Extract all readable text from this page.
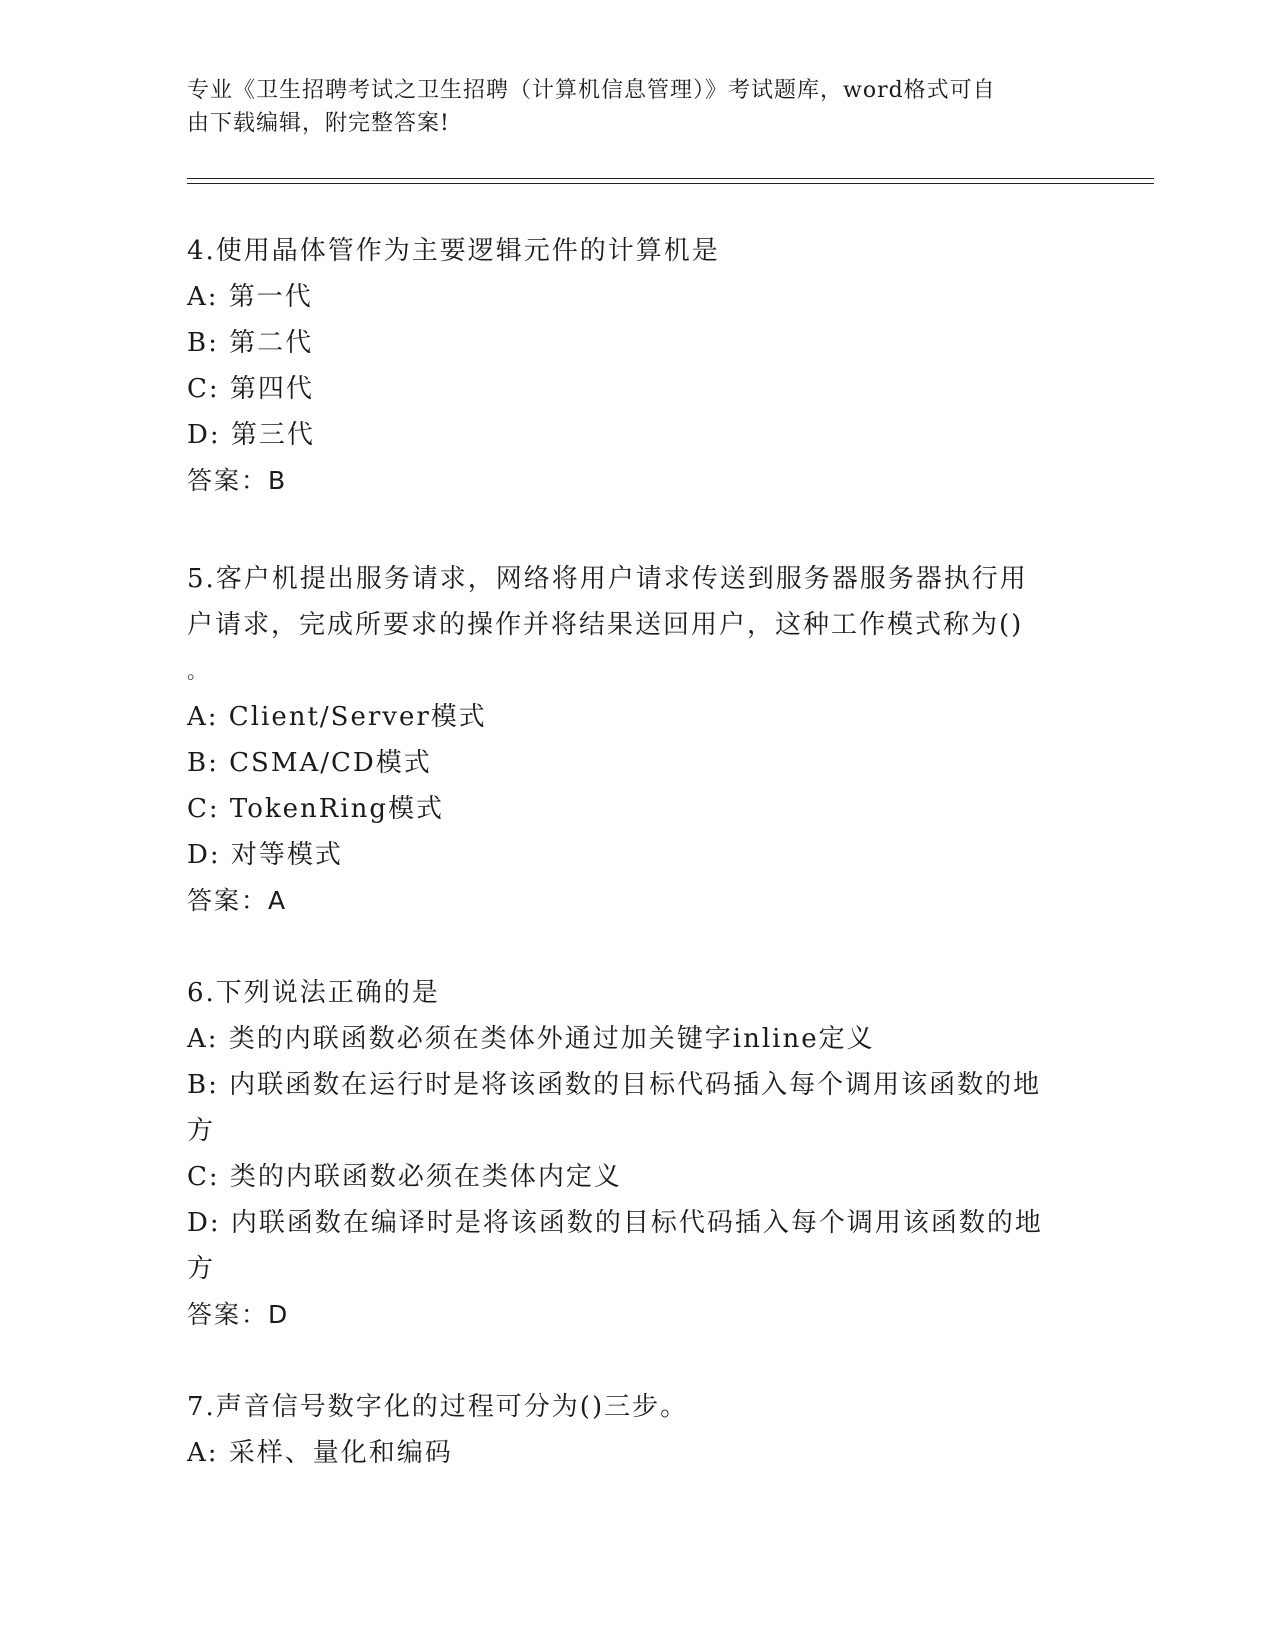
专业《卫生招聘考试之卫生招聘（计算机信息管理）》考试题库，word格式可自
由下载编辑，附完整答案!
4.使用晶体管作为主要逻辑元件的计算机是
A: 第一代
B: 第二代
C: 第四代
D: 第三代
答案：B
5.客户机提出服务请求，网络将用户请求传送到服务器服务器执行用
户请求，完成所要求的操作并将结果送回用户，这种工作模式称为()
。
A: Client/Server模式
B: CSMA/CD模式
C: TokenRing模式
D: 对等模式
答案：A
6.下列说法正确的是
A: 类的内联函数必须在类体外通过加关键字inline定义
B: 内联函数在运行时是将该函数的目标代码插入每个调用该函数的地
方
C: 类的内联函数必须在类体内定义
D: 内联函数在编译时是将该函数的目标代码插入每个调用该函数的地
方
答案：D
7.声音信号数字化的过程可分为()三步。
A: 采样、量化和编码
